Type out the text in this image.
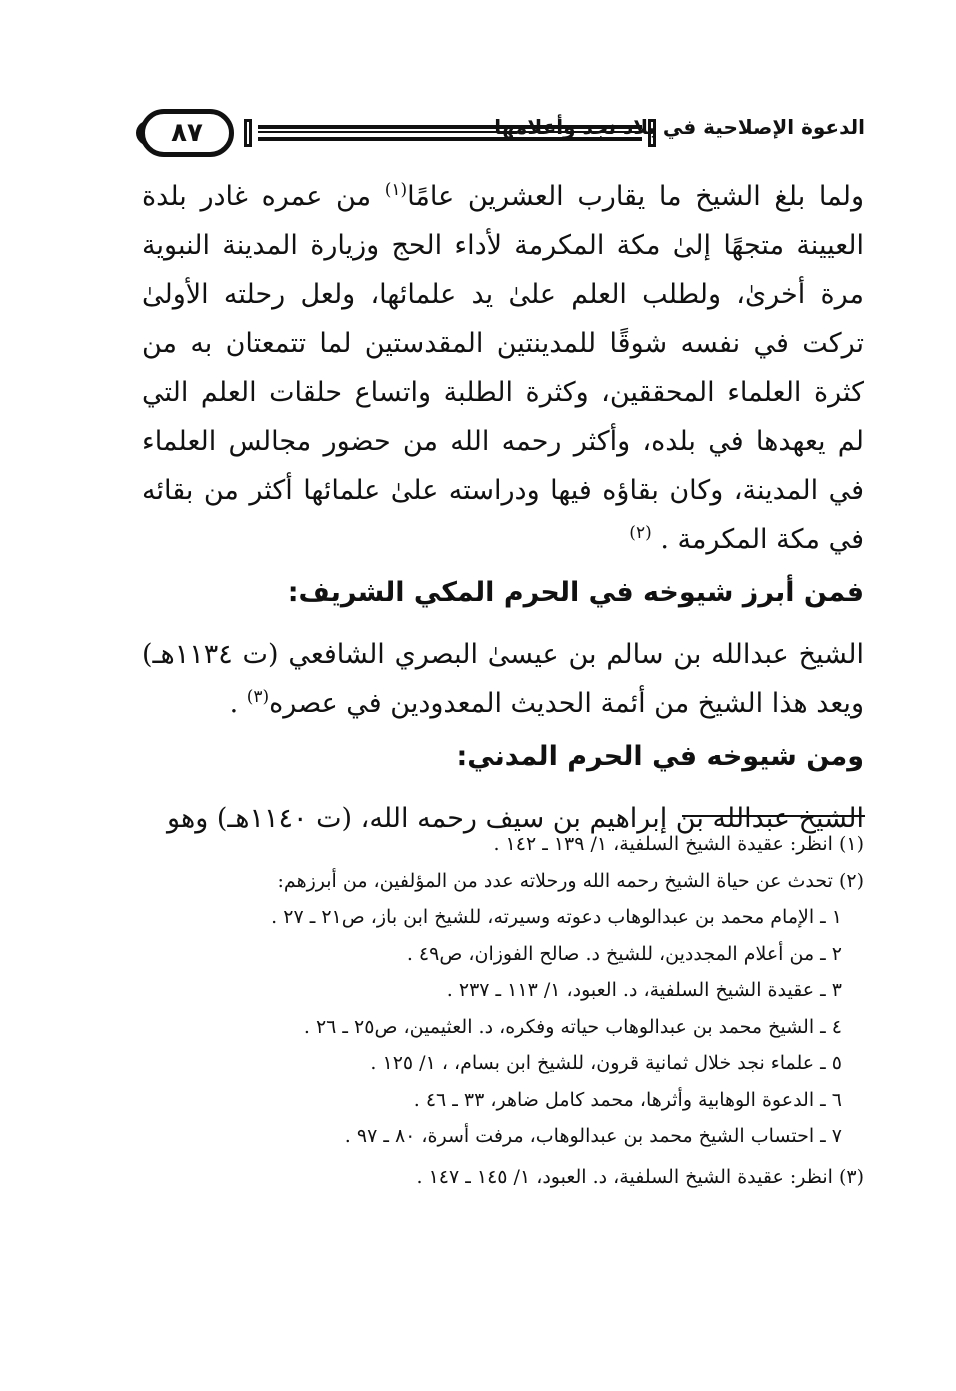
٨٧	الدعوة الإصلاحية في بلاد نجد وأعلامها

ولما بلغ الشيخ ما يقارب العشرين عامًا$^{(١)}$ من عمره غادر بلدة العيينة متجهًا إلىٰ مكة المكرمة لأداء الحج وزيارة المدينة النبوية مرة أخرىٰ، ولطلب العلم علىٰ يد علمائها، ولعل رحلته الأولىٰ تركت في نفسه شوقًا للمدينتين المقدستين لما تتمعتان به من كثرة العلماء المحققين، وكثرة الطلبة واتساع حلقات العلم التي لم يعهدها في بلده، وأكثر رحمه الله من حضور مجالس العلماء في المدينة، وكان بقاؤه فيها ودراسته علىٰ علمائها أكثر من بقائه في مكة المكرمة . $^{(٢)}$

فمن أبرز شيوخه في الحرم المكي الشريف:

الشيخ عبدالله بن سالم بن عيسىٰ البصري الشافعي (ت ١١٣٤هـ) ويعد هذا الشيخ من أئمة الحديث المعدودين في عصره$^{(٣)}$ .

ومن شيوخه في الحرم المدني:

الشيخ عبدالله بن إبراهيم بن سيف رحمه الله، (ت ١١٤٠هـ) وهو

(١) انظر: عقيدة الشيخ السلفية، ١/ ١٣٩ ـ ١٤٢ .

(٢) تحدث عن حياة الشيخ رحمه الله ورحلاته عدد من المؤلفين، من أبرزهم:

١ ـ الإمام محمد بن عبدالوهاب دعوته وسيرته، للشيخ ابن باز، ص٢١ ـ ٢٧ .
٢ ـ من أعلام المجددين، للشيخ د. صالح الفوزان، ص٤٩ .
٣ ـ عقيدة الشيخ السلفية، د. العبود، ١/ ١١٣ ـ ٢٣٧ .
٤ ـ الشيخ محمد بن عبدالوهاب حياته وفكره، د. العثيمين، ص٢٥ ـ ٢٦ .
٥ ـ علماء نجد خلال ثمانية قرون، للشيخ ابن بسام، ، ١/ ١٢٥ .
٦ ـ الدعوة الوهابية وأثرها، محمد كامل ضاهر، ٣٣ ـ ٤٦ .
٧ ـ احتساب الشيخ محمد بن عبدالوهاب، مرفت أسرة، ٨٠ ـ ٩٧ .

(٣) انظر: عقيدة الشيخ السلفية، د. العبود، ١/ ١٤٥ ـ ١٤٧ .
